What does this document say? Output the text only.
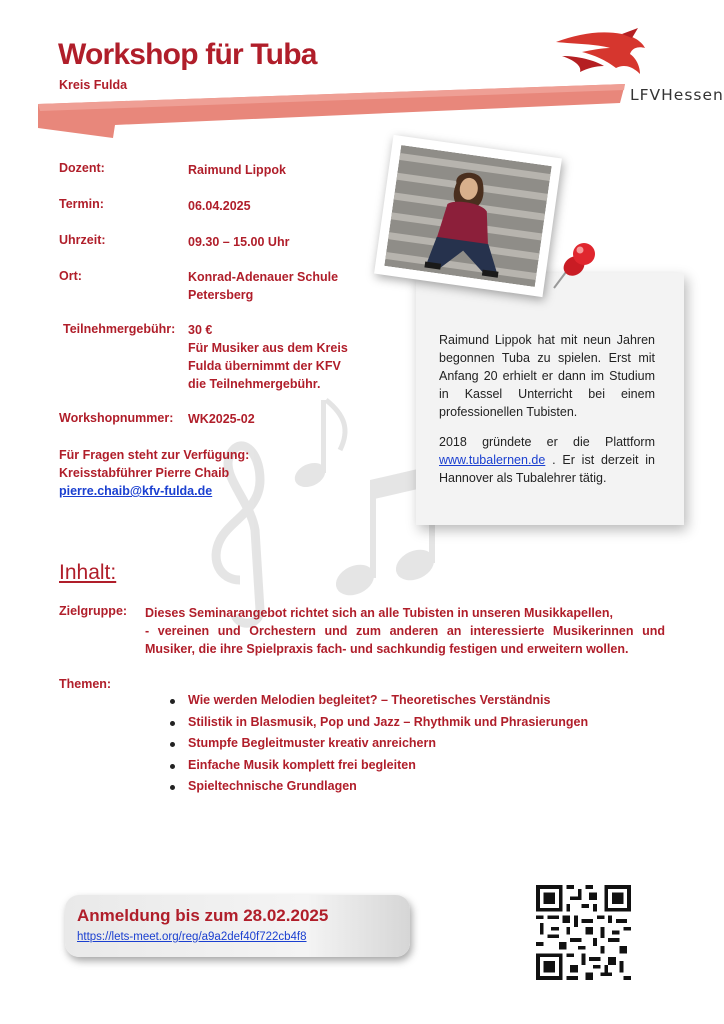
LFVHessen
Workshop für Tuba
Kreis Fulda
Dozent:	Raimund Lippok
Termin:	06.04.2025
Uhrzeit:	09.30 – 15.00 Uhr
Ort:	Konrad-Adenauer Schule
Petersberg
Teilnehmergebühr: 30 €
Für Musiker aus dem Kreis
Fulda übernimmt der KFV
die Teilnehmergebühr.
Workshopnummer: WK2025-02
Für Fragen steht zur Verfügung:
Kreisstabführer Pierre Chaib
pierre.chaib@kfv-fulda.de

Raimund Lippok hat mit neun Jahren begonnen Tuba zu spielen. Erst mit Anfang 20 erhielt er dann im Studium in Kassel Unterricht bei einem professionellen Tubisten.

2018 gründete er die Plattform www.tubalernen.de . Er ist derzeit in Hannover als Tubalehrer tätig.

Inhalt:
Zielgruppe: Dieses Seminarangebot richtet sich an alle Tubisten in unseren Musikkapellen,
- vereinen und Orchestern und zum anderen an interessierte Musikerinnen und Musiker, die ihre Spielpraxis fach- und sachkundig festigen und erweitern wollen.
Themen:
Wie werden Melodien begleitet? – Theoretisches Verständnis
Stilistik in Blasmusik, Pop und Jazz – Rhythmik und Phrasierungen
Stumpfe Begleitmuster kreativ anreichern
Einfache Musik komplett frei begleiten
Spieltechnische Grundlagen
Anmeldung bis zum 28.02.2025
https://lets-meet.org/reg/a9a2def40f722cb4f8
